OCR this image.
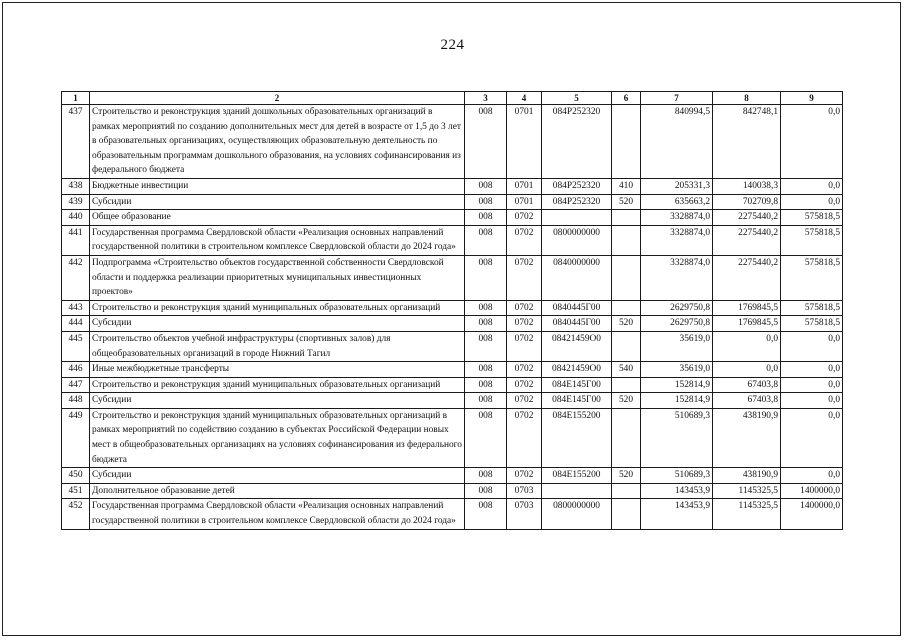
224
1	2	3	4	5	6	7	8	9
437	Строительство и реконструкция зданий дошкольных образовательных организаций в рамках мероприятий по созданию дополнительных мест для детей в возрасте от 1,5 до 3 лет в образовательных организациях, осуществляющих образовательную деятельность по образовательным программам дошкольного образования, на условиях софинансирования из федерального бюджета	008	0701	084P252320		840994,5	842748,1	0,0
438	Бюджетные инвестиции	008	0701	084P252320	410	205331,3	140038,3	0,0
439	Субсидии	008	0701	084P252320	520	635663,2	702709,8	0,0
440	Общее образование	008	0702			3328874,0	2275440,2	575818,5
441	Государственная программа Свердловской области «Реализация основных направлений государственной политики в строительном комплексе Свердловской области до 2024 года»	008	0702	0800000000		3328874,0	2275440,2	575818,5
442	Подпрограмма «Строительство объектов государственной собственности Свердловской области и поддержка реализации приоритетных муниципальных инвестиционных проектов»	008	0702	0840000000		3328874,0	2275440,2	575818,5
443	Строительство и реконструкция зданий муниципальных образовательных организаций	008	0702	0840445Г00		2629750,8	1769845,5	575818,5
444	Субсидии	008	0702	0840445Г00	520	2629750,8	1769845,5	575818,5
445	Строительство объектов учебной инфраструктуры (спортивных залов) для общеобразовательных организаций в городе Нижний Тагил	008	0702	08421459О0		35619,0	0,0	0,0
446	Иные межбюджетные трансферты	008	0702	08421459О0	540	35619,0	0,0	0,0
447	Строительство и реконструкция зданий муниципальных образовательных организаций	008	0702	084E145Г00		152814,9	67403,8	0,0
448	Субсидии	008	0702	084E145Г00	520	152814,9	67403,8	0,0
449	Строительство и реконструкция зданий муниципальных образовательных организаций в рамках мероприятий по содействию созданию в субъектах Российской Федерации новых мест в общеобразовательных организациях на условиях софинансирования из федерального бюджета	008	0702	084E155200		510689,3	438190,9	0,0
450	Субсидии	008	0702	084E155200	520	510689,3	438190,9	0,0
451	Дополнительное образование детей	008	0703			143453,9	1145325,5	1400000,0
452	Государственная программа Свердловской области «Реализация основных направлений государственной политики в строительном комплексе Свердловской области до 2024 года»	008	0703	0800000000		143453,9	1145325,5	1400000,0
